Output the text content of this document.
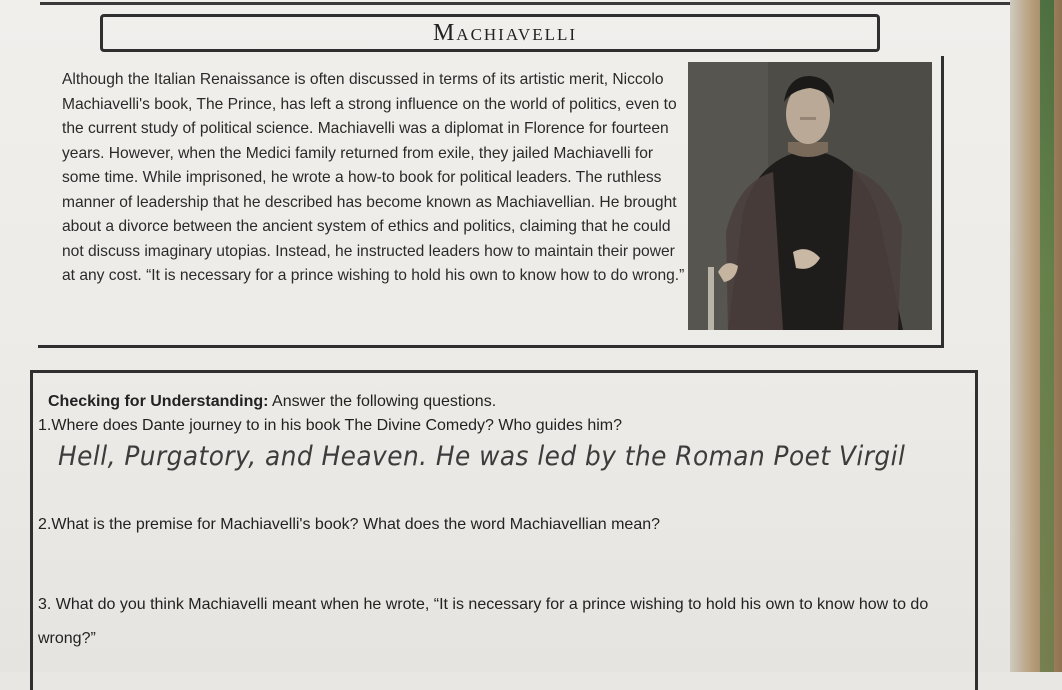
Machiavelli
Although the Italian Renaissance is often discussed in terms of its artistic merit, Niccolo Machiavelli's book, The Prince, has left a strong influence on the world of politics, even to the current study of political science. Machiavelli was a diplomat in Florence for fourteen years. However, when the Medici family returned from exile, they jailed Machiavelli for some time. While imprisoned, he wrote a how-to book for political leaders. The ruthless manner of leadership that he described has become known as Machiavellian. He brought about a divorce between the ancient system of ethics and politics, claiming that he could not discuss imaginary utopias. Instead, he instructed leaders how to maintain their power at any cost. “It is necessary for a prince wishing to hold his own to know how to do wrong.”
Checking for Understanding: Answer the following questions.
1.Where does Dante journey to in his book The Divine Comedy? Who guides him?
Hell, Purgatory, and Heaven. He was led by the Roman Poet Virgil
2.What is the premise for Machiavelli's book? What does the word Machiavellian mean?
3. What do you think Machiavelli meant when he wrote, “It is necessary for a prince wishing to hold his own to know how to do wrong?”
